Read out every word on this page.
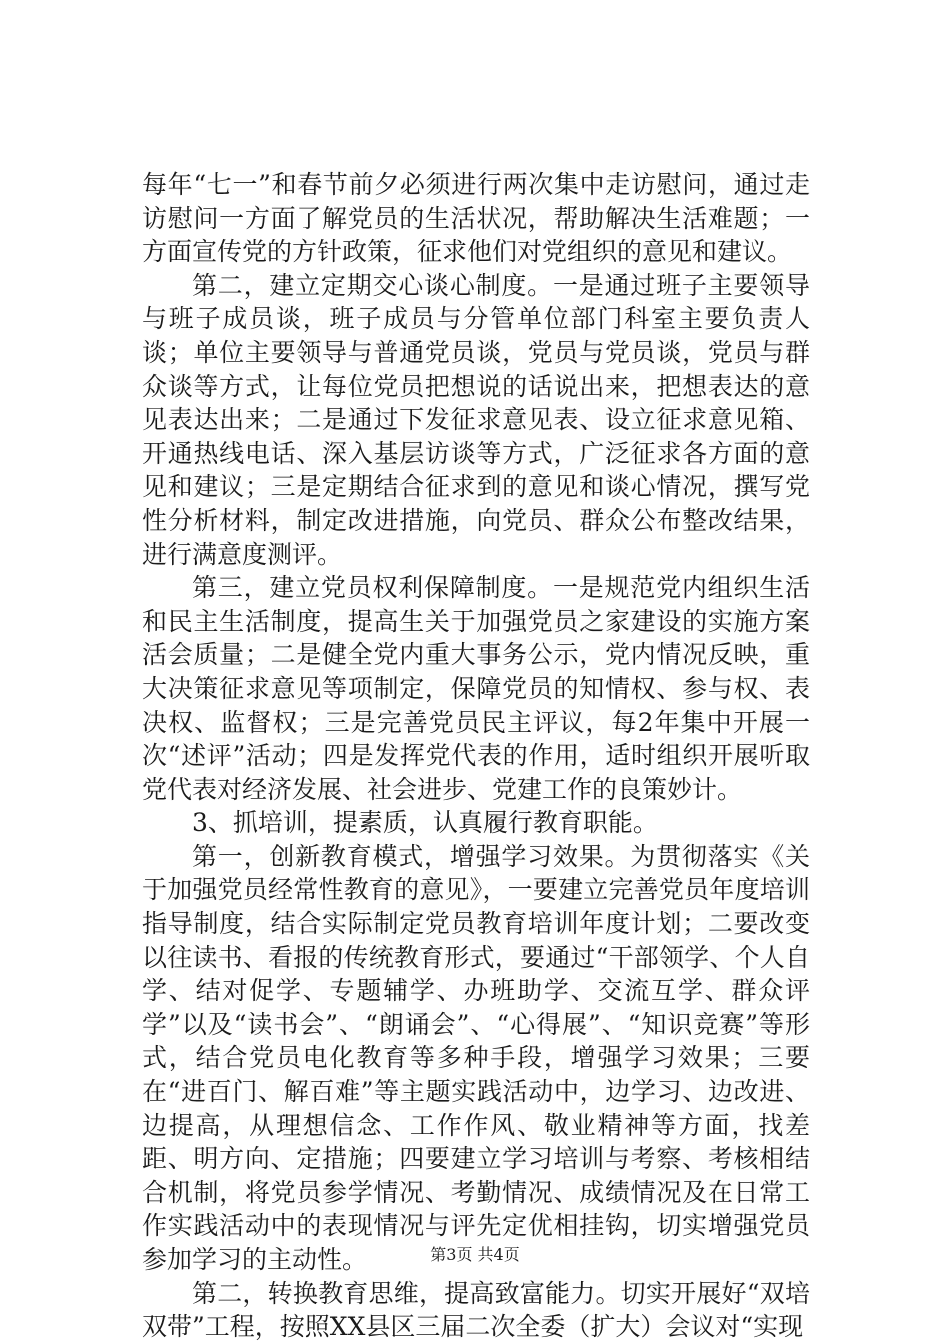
每年“七一”和春节前夕必须进行两次集中走访慰问，通过走访慰问一方面了解党员的生活状况，帮助解决生活难题；一方面宣传党的方针政策，征求他们对党组织的意见和建议。

第二，建立定期交心谈心制度。一是通过班子主要领导与班子成员谈，班子成员与分管单位部门科室主要负责人谈；单位主要领导与普通党员谈，党员与党员谈，党员与群众谈等方式，让每位党员把想说的话说出来，把想表达的意见表达出来；二是通过下发征求意见表、设立征求意见箱、开通热线电话、深入基层访谈等方式，广泛征求各方面的意见和建议；三是定期结合征求到的意见和谈心情况，撰写党性分析材料，制定改进措施，向党员、群众公布整改结果，进行满意度测评。

第三，建立党员权利保障制度。一是规范党内组织生活和民主生活制度，提高生关于加强党员之家建设的实施方案活会质量；二是健全党内重大事务公示，党内情况反映，重大决策征求意见等项制定，保障党员的知情权、参与权、表决权、监督权；三是完善党员民主评议，每2年集中开展一次“述评”活动；四是发挥党代表的作用，适时组织开展听取党代表对经济发展、社会进步、党建工作的良策妙计。

3、抓培训，提素质，认真履行教育职能。

第一，创新教育模式，增强学习效果。为贯彻落实《关于加强党员经常性教育的意见》，一要建立完善党员年度培训指导制度，结合实际制定党员教育培训年度计划；二要改变以往读书、看报的传统教育形式，要通过“干部领学、个人自学、结对促学、专题辅学、办班助学、交流互学、群众评学”以及“读书会”、“朗诵会”、“心得展”、“知识竞赛”等形式，结合党员电化教育等多种手段，增强学习效果；三要在“进百门、解百难”等主题实践活动中，边学习、边改进、边提高，从理想信念、工作作风、敬业精神等方面，找差距、明方向、定措施；四要建立学习培训与考察、考核相结合机制，将党员参学情况、考勤情况、成绩情况及在日常工作实践活动中的表现情况与评先定优相挂钩，切实增强党员参加学习的主动性。

第二，转换教育思维，提高致富能力。切实开展好“双培双带”工程，按照XX县区三届二次全委（扩大）会议对“实现

第3页 共4页
